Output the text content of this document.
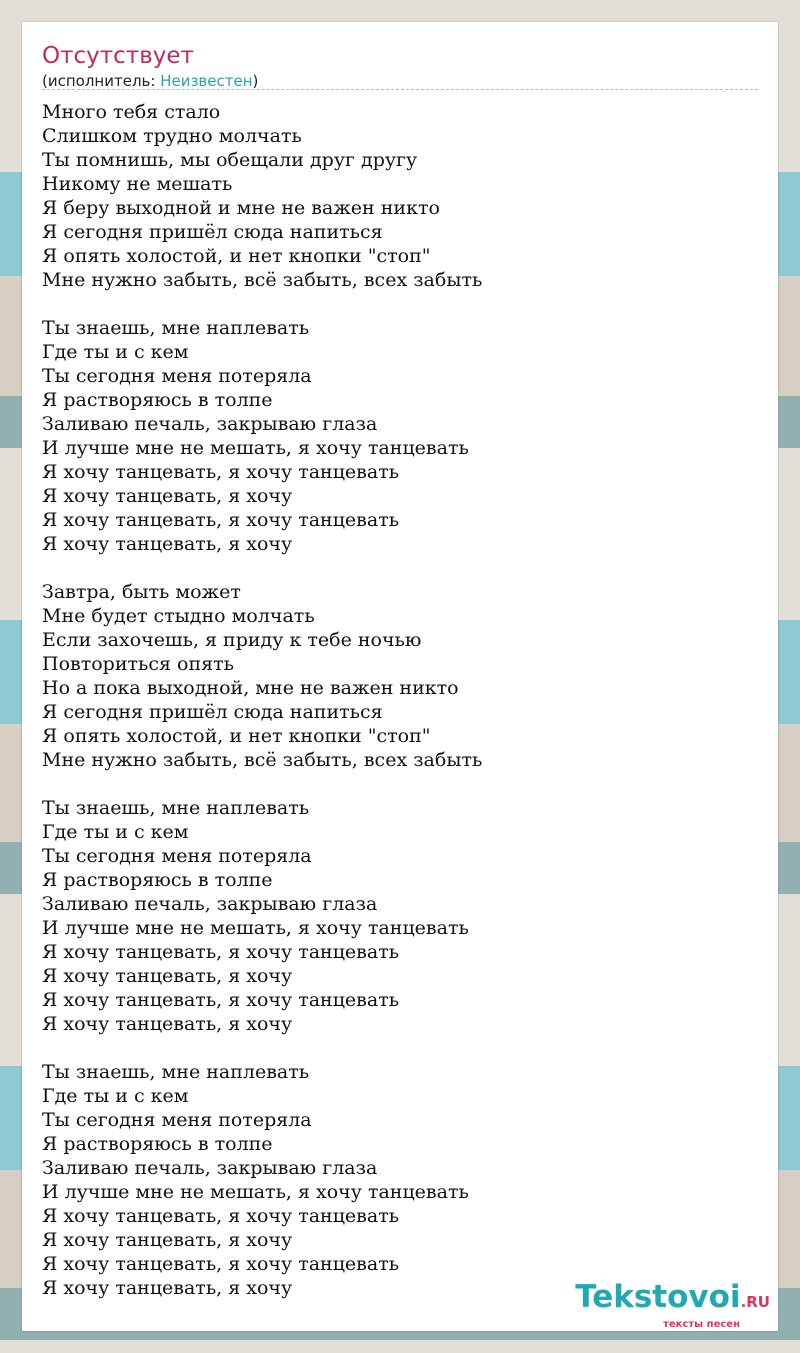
Отсутствует
(исполнитель: Неизвестен)
Много тебя стало
Слишком трудно молчать
Ты помнишь, мы обещали друг другу
Никому не мешать
Я беру выходной и мне не важен никто
Я сегодня пришёл сюда напиться
Я опять холостой, и нет кнопки "стоп"
Мне нужно забыть, всё забыть, всех забыть
Ты знаешь, мне наплевать
Где ты и с кем
Ты сегодня меня потеряла
Я растворяюсь в толпе
Заливаю печаль, закрываю глаза
И лучше мне не мешать, я хочу танцевать
Я хочу танцевать, я хочу танцевать
Я хочу танцевать, я хочу
Я хочу танцевать, я хочу танцевать
Я хочу танцевать, я хочу
Завтра, быть может
Мне будет стыдно молчать
Если захочешь, я приду к тебе ночью
Повториться опять
Но а пока выходной, мне не важен никто
Я сегодня пришёл сюда напиться
Я опять холостой, и нет кнопки "стоп"
Мне нужно забыть, всё забыть, всех забыть
Ты знаешь, мне наплевать
Где ты и с кем
Ты сегодня меня потеряла
Я растворяюсь в толпе
Заливаю печаль, закрываю глаза
И лучше мне не мешать, я хочу танцевать
Я хочу танцевать, я хочу танцевать
Я хочу танцевать, я хочу
Я хочу танцевать, я хочу танцевать
Я хочу танцевать, я хочу
Ты знаешь, мне наплевать
Где ты и с кем
Ты сегодня меня потеряла
Я растворяюсь в толпе
Заливаю печаль, закрываю глаза
И лучше мне не мешать, я хочу танцевать
Я хочу танцевать, я хочу танцевать
Я хочу танцевать, я хочу
Я хочу танцевать, я хочу танцевать
Я хочу танцевать, я хочу	Tekstovoi.RU
тексты песен
